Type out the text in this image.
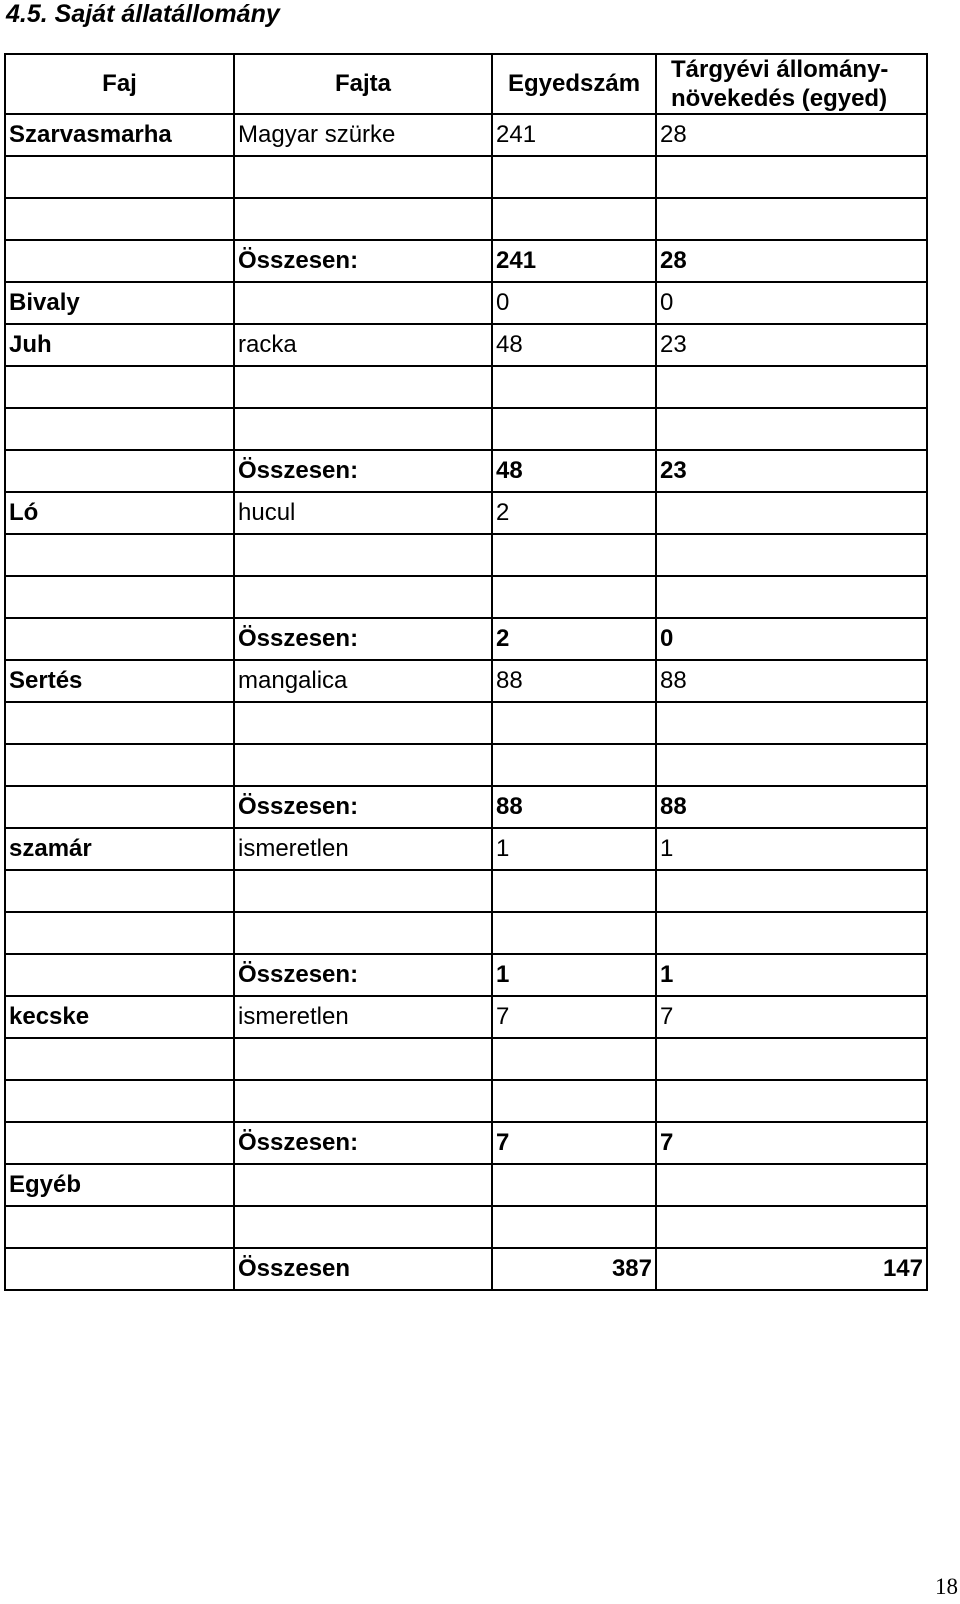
4.5. Saját állatállomány
Faj	Fajta	Egyedszám	Tárgyévi állomány-
növekedés (egyed)

Szarvasmarha	Magyar szürke	241	28

	Összesen:	241	28
Bivaly		0	0
Juh	racka	48	23

	Összesen:	48	23
Ló	hucul	2	

	Összesen:	2	0
Sertés	mangalica	88	88

	Összesen:	88	88
szamár	ismeretlen	1	1

	Összesen:	1	1
kecske	ismeretlen	7	7

	Összesen:	7	7
Egyéb			

	Összesen	387	147
18
